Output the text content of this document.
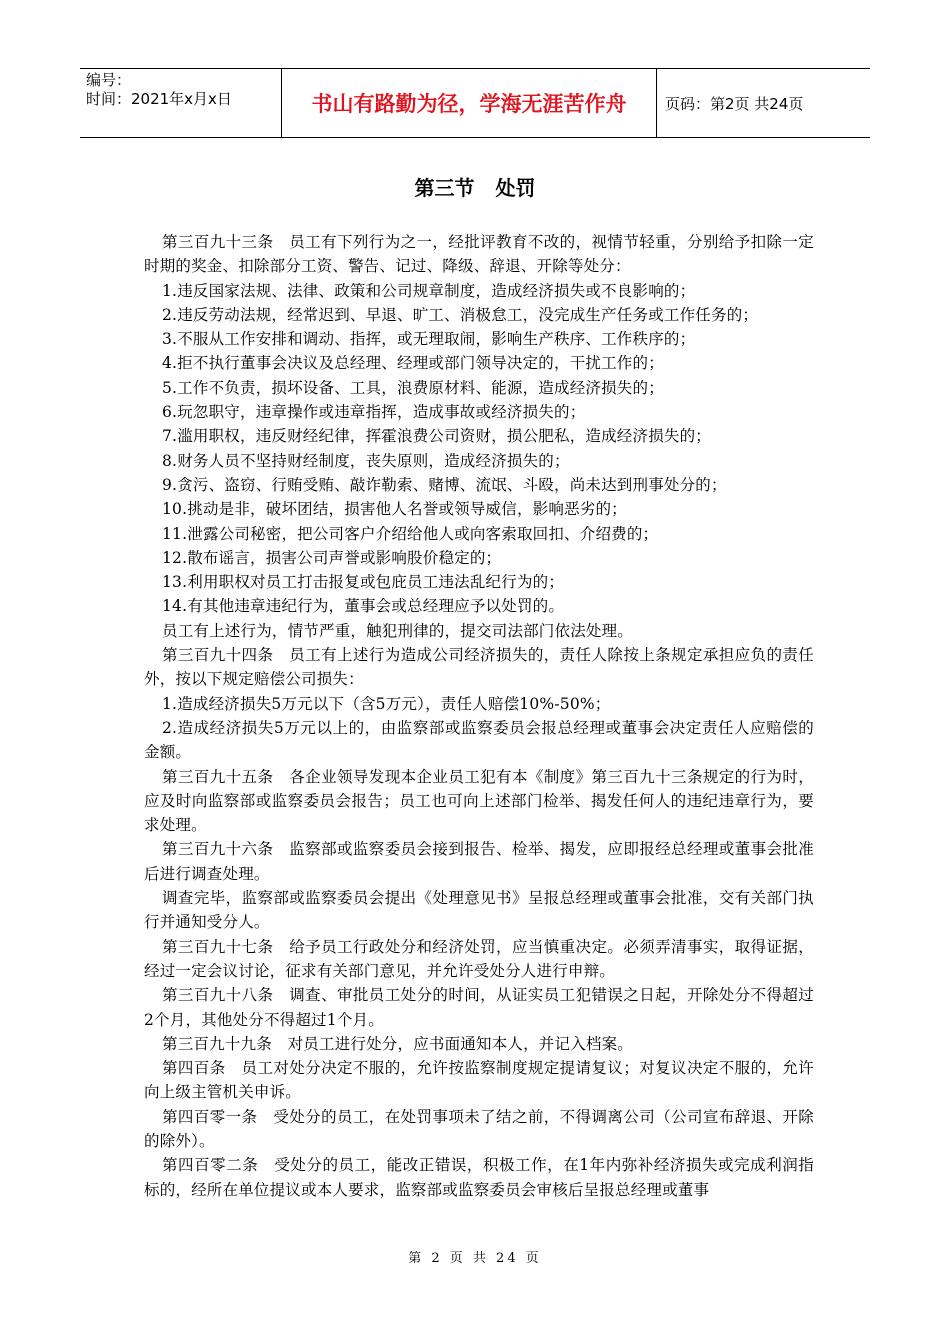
编号：
时间：2021年x月x日	书山有路勤为径，学海无涯苦作舟	页码：第2页 共24页
第三节 处罚

第三百九十三条　员工有下列行为之一，经批评教育不改的，视情节轻重，分别给予扣除一定时期的奖金、扣除部分工资、警告、记过、降级、辞退、开除等处分：

1.违反国家法规、法律、政策和公司规章制度，造成经济损失或不良影响的；

2.违反劳动法规，经常迟到、早退、旷工、消极怠工，没完成生产任务或工作任务的；

3.不服从工作安排和调动、指挥，或无理取闹，影响生产秩序、工作秩序的；

4.拒不执行董事会决议及总经理、经理或部门领导决定的，干扰工作的；

5.工作不负责，损坏设备、工具，浪费原材料、能源，造成经济损失的；

6.玩忽职守，违章操作或违章指挥，造成事故或经济损失的；

7.滥用职权，违反财经纪律，挥霍浪费公司资财，损公肥私，造成经济损失的；

8.财务人员不坚持财经制度，丧失原则，造成经济损失的；

9.贪污、盗窃、行贿受贿、敲诈勒索、赌博、流氓、斗殴，尚未达到刑事处分的；

10.挑动是非，破坏团结，损害他人名誉或领导威信，影响恶劣的；

11.泄露公司秘密，把公司客户介绍给他人或向客索取回扣、介绍费的；

12.散布谣言，损害公司声誉或影响股价稳定的；

13.利用职权对员工打击报复或包庇员工违法乱纪行为的；

14.有其他违章违纪行为，董事会或总经理应予以处罚的。

员工有上述行为，情节严重，触犯刑律的，提交司法部门依法处理。

第三百九十四条　员工有上述行为造成公司经济损失的，责任人除按上条规定承担应负的责任外，按以下规定赔偿公司损失：

1.造成经济损失5万元以下（含5万元），责任人赔偿10%-50%；

2.造成经济损失5万元以上的，由监察部或监察委员会报总经理或董事会决定责任人应赔偿的金额。

第三百九十五条　各企业领导发现本企业员工犯有本《制度》第三百九十三条规定的行为时，应及时向监察部或监察委员会报告；员工也可向上述部门检举、揭发任何人的违纪违章行为，要求处理。

第三百九十六条　监察部或监察委员会接到报告、检举、揭发，应即报经总经理或董事会批准后进行调查处理。

调查完毕，监察部或监察委员会提出《处理意见书》呈报总经理或董事会批准，交有关部门执行并通知受分人。

第三百九十七条　给予员工行政处分和经济处罚，应当慎重决定。必须弄清事实，取得证据，经过一定会议讨论，征求有关部门意见，并允许受处分人进行申辩。

第三百九十八条　调查、审批员工处分的时间，从证实员工犯错误之日起，开除处分不得超过2个月，其他处分不得超过1个月。

第三百九十九条　对员工进行处分，应书面通知本人，并记入档案。

第四百条　员工对处分决定不服的，允许按监察制度规定提请复议；对复议决定不服的，允许向上级主管机关申诉。

第四百零一条　受处分的员工，在处罚事项未了结之前，不得调离公司（公司宣布辞退、开除的除外）。

第四百零二条　受处分的员工，能改正错误，积极工作，在1年内弥补经济损失或完成利润指标的，经所在单位提议或本人要求，监察部或监察委员会审核后呈报总经理或董事

第 2 页 共 24 页
